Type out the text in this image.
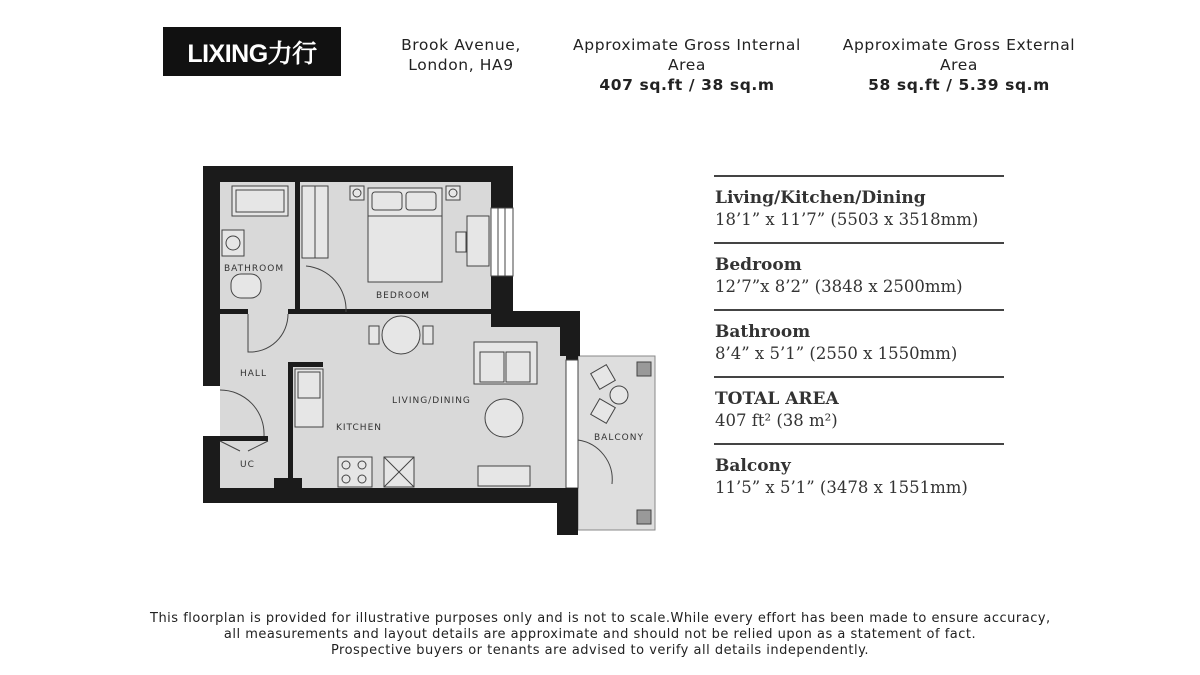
LIXING力行	Brook Avenue,
London, HA9
Approximate Gross Internal Area
407 sq.ft / 38 sq.m
Approximate Gross External Area
58 sq.ft / 5.39 sq.m
BATHROOM
BEDROOM
HALL
LIVING/DINING
KITCHEN
UC
BALCONY
Living/Kitchen/Dining
18’1” x 11’7” (5503 x 3518mm)
Bedroom
12’7”x 8’2” (3848 x 2500mm)
Bathroom
8’4” x 5’1” (2550 x 1550mm)
TOTAL AREA
407 ft² (38 m²)
Balcony
11’5” x 5’1” (3478 x 1551mm)
This floorplan is provided for illustrative purposes only and is not to scale.While every effort has been made to ensure accuracy,
all measurements and layout details are approximate and should not be relied upon as a statement of fact.
Prospective buyers or tenants are advised to verify all details independently.
